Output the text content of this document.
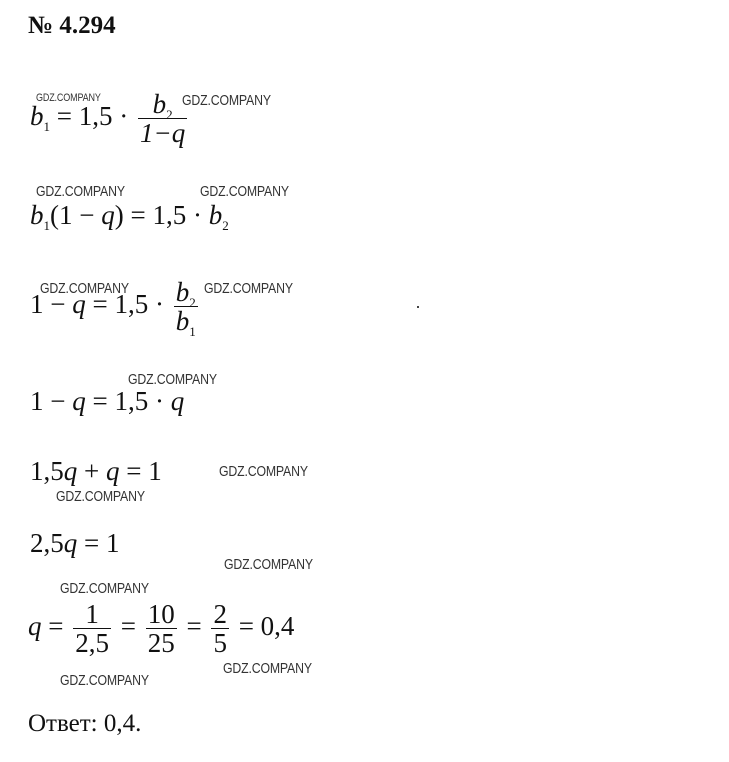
№ 4.294
$b_1 = 1,5 \cdot \frac{b_2}{1-q}$
$b_1(1 - q) = 1,5 \cdot b_2$
$1 - q = 1,5 \cdot \frac{b_2}{b_1}$
1 − q = 1,5 · q
1,5q + q = 1
2,5q = 1
$q = \frac{1}{2,5} = \frac{10}{25} = \frac{2}{5} = 0,4$
Ответ: 0,4.
GDZ.COMPANY	GDZ.COMPANY
GDZ.COMPANY	GDZ.COMPANY
GDZ.COMPANY	GDZ.COMPANY
GDZ.COMPANY
GDZ.COMPANY
GDZ.COMPANY
GDZ.COMPANY
GDZ.COMPANY
GDZ.COMPANY
GDZ.COMPANY
